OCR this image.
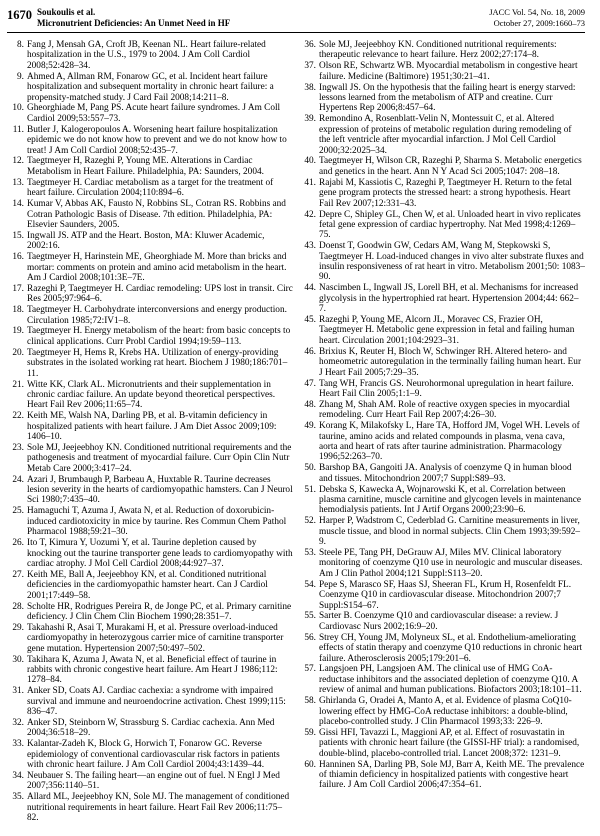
1670 Soukoulis et al.
Micronutrient Deficiencies: An Unmet Need in HF
JACC Vol. 54, No. 18, 2009
October 27, 2009:1660–73
8. Fang J, Mensah GA, Croft JB, Keenan NL. Heart failure-related hospitalization in the U.S., 1979 to 2004. J Am Coll Cardiol 2008;52:428–34.
9. Ahmed A, Allman RM, Fonarow GC, et al. Incident heart failure hospitalization and subsequent mortality in chronic heart failure: a propensity-matched study. J Card Fail 2008;14:211–8.
10. Gheorghiade M, Pang PS. Acute heart failure syndromes. J Am Coll Cardiol 2009;53:557–73.
11. Butler J, Kalogeropoulos A. Worsening heart failure hospitalization epidemic we do not know how to prevent and we do not know how to treat! J Am Coll Cardiol 2008;52:435–7.
12. Taegtmeyer H, Razeghi P, Young ME. Alterations in Cardiac Metabolism in Heart Failure. Philadelphia, PA: Saunders, 2004.
13. Taegtmeyer H. Cardiac metabolism as a target for the treatment of heart failure. Circulation 2004;110:894–6.
14. Kumar V, Abbas AK, Fausto N, Robbins SL, Cotran RS. Robbins and Cotran Pathologic Basis of Disease. 7th edition. Philadelphia, PA: Elsevier Saunders, 2005.
15. Ingwall JS. ATP and the Heart. Boston, MA: Kluwer Academic, 2002:16.
16. Taegtmeyer H, Harinstein ME, Gheorghiade M. More than bricks and mortar: comments on protein and amino acid metabolism in the heart. Am J Cardiol 2008;101:3E–7E.
17. Razeghi P, Taegtmeyer H. Cardiac remodeling: UPS lost in transit. Circ Res 2005;97:964–6.
18. Taegtmeyer H. Carbohydrate interconversions and energy production. Circulation 1985;72:IV1–8.
19. Taegtmeyer H. Energy metabolism of the heart: from basic concepts to clinical applications. Curr Probl Cardiol 1994;19:59–113.
20. Taegtmeyer H, Hems R, Krebs HA. Utilization of energy-providing substrates in the isolated working rat heart. Biochem J 1980;186:701–11.
21. Witte KK, Clark AL. Micronutrients and their supplementation in chronic cardiac failure. An update beyond theoretical perspectives. Heart Fail Rev 2006;11:65–74.
22. Keith ME, Walsh NA, Darling PB, et al. B-vitamin deficiency in hospitalized patients with heart failure. J Am Diet Assoc 2009;109: 1406–10.
23. Sole MJ, Jeejeebhoy KN. Conditioned nutritional requirements and the pathogenesis and treatment of myocardial failure. Curr Opin Clin Nutr Metab Care 2000;3:417–24.
24. Azari J, Brumbaugh P, Barbeau A, Huxtable R. Taurine decreases lesion severity in the hearts of cardiomyopathic hamsters. Can J Neurol Sci 1980;7:435–40.
25. Hamaguchi T, Azuma J, Awata N, et al. Reduction of doxorubicin-induced cardiotoxicity in mice by taurine. Res Commun Chem Pathol Pharmacol 1988;59:21–30.
26. Ito T, Kimura Y, Uozumi Y, et al. Taurine depletion caused by knocking out the taurine transporter gene leads to cardiomyopathy with cardiac atrophy. J Mol Cell Cardiol 2008;44:927–37.
27. Keith ME, Ball A, Jeejeebhoy KN, et al. Conditioned nutritional deficiencies in the cardiomyopathic hamster heart. Can J Cardiol 2001;17:449–58.
28. Scholte HR, Rodrigues Pereira R, de Jonge PC, et al. Primary carnitine deficiency. J Clin Chem Clin Biochem 1990;28:351–7.
29. Takahashi R, Asai T, Murakami H, et al. Pressure overload-induced cardiomyopathy in heterozygous carrier mice of carnitine transporter gene mutation. Hypertension 2007;50:497–502.
30. Takihara K, Azuma J, Awata N, et al. Beneficial effect of taurine in rabbits with chronic congestive heart failure. Am Heart J 1986;112: 1278–84.
31. Anker SD, Coats AJ. Cardiac cachexia: a syndrome with impaired survival and immune and neuroendocrine activation. Chest 1999;115: 836–47.
32. Anker SD, Steinborn W, Strassburg S. Cardiac cachexia. Ann Med 2004;36:518–29.
33. Kalantar-Zadeh K, Block G, Horwich T, Fonarow GC. Reverse epidemiology of conventional cardiovascular risk factors in patients with chronic heart failure. J Am Coll Cardiol 2004;43:1439–44.
34. Neubauer S. The failing heart—an engine out of fuel. N Engl J Med 2007;356:1140–51.
35. Allard ML, Jeejeebhoy KN, Sole MJ. The management of conditioned nutritional requirements in heart failure. Heart Fail Rev 2006;11:75–82.
36. Sole MJ, Jeejeebhoy KN. Conditioned nutritional requirements: therapeutic relevance to heart failure. Herz 2002;27:174–8.
37. Olson RE, Schwartz WB. Myocardial metabolism in congestive heart failure. Medicine (Baltimore) 1951;30:21–41.
38. Ingwall JS. On the hypothesis that the failing heart is energy starved: lessons learned from the metabolism of ATP and creatine. Curr Hypertens Rep 2006;8:457–64.
39. Remondino A, Rosenblatt-Velin N, Montessuit C, et al. Altered expression of proteins of metabolic regulation during remodeling of the left ventricle after myocardial infarction. J Mol Cell Cardiol 2000;32:2025–34.
40. Taegtmeyer H, Wilson CR, Razeghi P, Sharma S. Metabolic energetics and genetics in the heart. Ann N Y Acad Sci 2005;1047: 208–18.
41. Rajabi M, Kassiotis C, Razeghi P, Taegtmeyer H. Return to the fetal gene program protects the stressed heart: a strong hypothesis. Heart Fail Rev 2007;12:331–43.
42. Depre C, Shipley GL, Chen W, et al. Unloaded heart in vivo replicates fetal gene expression of cardiac hypertrophy. Nat Med 1998;4:1269–75.
43. Doenst T, Goodwin GW, Cedars AM, Wang M, Stepkowski S, Taegtmeyer H. Load-induced changes in vivo alter substrate fluxes and insulin responsiveness of rat heart in vitro. Metabolism 2001;50: 1083–90.
44. Nascimben L, Ingwall JS, Lorell BH, et al. Mechanisms for increased glycolysis in the hypertrophied rat heart. Hypertension 2004;44: 662–7.
45. Razeghi P, Young ME, Alcorn JL, Moravec CS, Frazier OH, Taegtmeyer H. Metabolic gene expression in fetal and failing human heart. Circulation 2001;104:2923–31.
46. Brixius K, Reuter H, Bloch W, Schwinger RH. Altered hetero- and homeometric autoregulation in the terminally failing human heart. Eur J Heart Fail 2005;7:29–35.
47. Tang WH, Francis GS. Neurohormonal upregulation in heart failure. Heart Fail Clin 2005;1:1–9.
48. Zhang M, Shah AM. Role of reactive oxygen species in myocardial remodeling. Curr Heart Fail Rep 2007;4:26–30.
49. Korang K, Milakofsky L, Hare TA, Hofford JM, Vogel WH. Levels of taurine, amino acids and related compounds in plasma, vena cava, aorta and heart of rats after taurine administration. Pharmacology 1996;52:263–70.
50. Barshop BA, Gangoiti JA. Analysis of coenzyme Q in human blood and tissues. Mitochondrion 2007;7 Suppl:S89–93.
51. Debska S, Kawecka A, Wojnarowski K, et al. Correlation between plasma carnitine, muscle carnitine and glycogen levels in maintenance hemodialysis patients. Int J Artif Organs 2000;23:90–6.
52. Harper P, Wadstrom C, Cederblad G. Carnitine measurements in liver, muscle tissue, and blood in normal subjects. Clin Chem 1993;39:592–9.
53. Steele PE, Tang PH, DeGrauw AJ, Miles MV. Clinical laboratory monitoring of coenzyme Q10 use in neurologic and muscular diseases. Am J Clin Pathol 2004;121 Suppl:S113–20.
54. Pepe S, Marasco SF, Haas SJ, Sheeran FL, Krum H, Rosenfeldt FL. Coenzyme Q10 in cardiovascular disease. Mitochondrion 2007;7 Suppl:S154–67.
55. Sarter B. Coenzyme Q10 and cardiovascular disease: a review. J Cardiovasc Nurs 2002;16:9–20.
56. Strey CH, Young JM, Molyneux SL, et al. Endothelium-ameliorating effects of statin therapy and coenzyme Q10 reductions in chronic heart failure. Atherosclerosis 2005;179:201–6.
57. Langsjoen PH, Langsjoen AM. The clinical use of HMG CoA-reductase inhibitors and the associated depletion of coenzyme Q10. A review of animal and human publications. Biofactors 2003;18:101–11.
58. Ghirlanda G, Oradei A, Manto A, et al. Evidence of plasma CoQ10-lowering effect by HMG-CoA reductase inhibitors: a double-blind, placebo-controlled study. J Clin Pharmacol 1993;33: 226–9.
59. Gissi HFI, Tavazzi L, Maggioni AP, et al. Effect of rosuvastatin in patients with chronic heart failure (the GISSI-HF trial): a randomised, double-blind, placebo-controlled trial. Lancet 2008;372: 1231–9.
60. Hanninen SA, Darling PB, Sole MJ, Barr A, Keith ME. The prevalence of thiamin deficiency in hospitalized patients with congestive heart failure. J Am Coll Cardiol 2006;47:354–61.
